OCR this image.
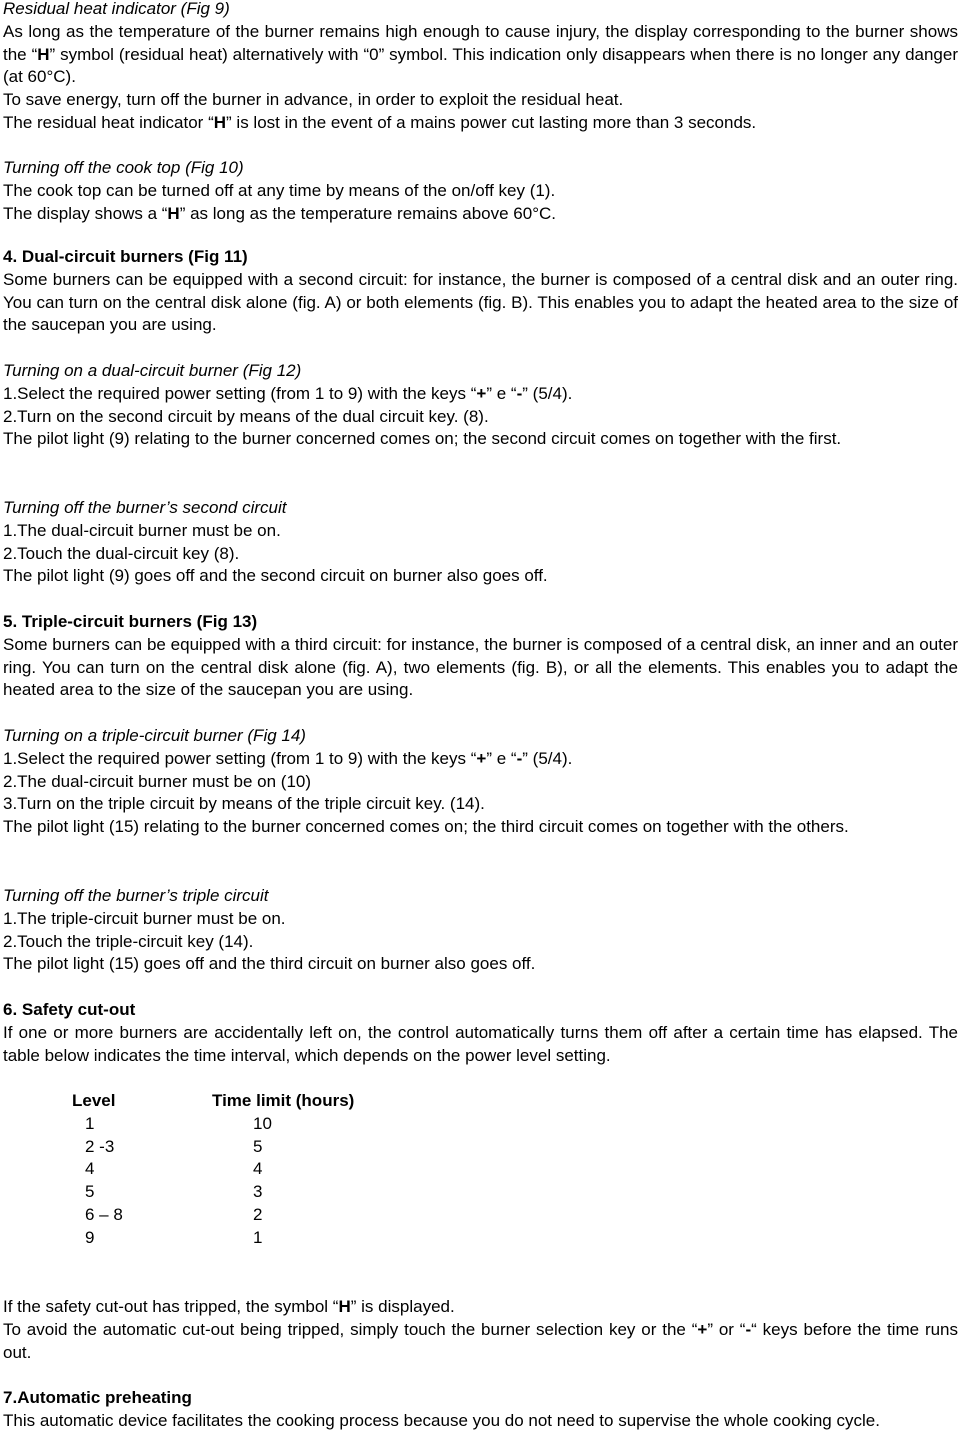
Residual heat indicator (Fig 9)

As long as the temperature of the burner remains high enough to cause injury, the display corresponding to the burner shows the “H” symbol (residual heat) alternatively with “0” symbol. This indication only disappears when there is no longer any danger (at 60°C).

To save energy, turn off the burner in advance, in order to exploit the residual heat.

The residual heat indicator “H” is lost in the event of a mains power cut lasting more than 3 seconds.

Turning off the cook top (Fig 10)

The cook top can be turned off at any time by means of the on/off key (1).

The display shows a “H” as long as the temperature remains above 60°C.

4. Dual-circuit burners (Fig 11)

Some burners can be equipped with a second circuit: for instance, the burner is composed of a central disk and an outer ring. You can turn on the central disk alone (fig. A) or both elements (fig. B). This enables you to adapt the heated area to the size of the saucepan you are using.

Turning on a dual-circuit burner (Fig 12)

1.Select the required power setting (from 1 to 9) with the keys “+” e “-” (5/4).

2.Turn on the second circuit by means of the dual circuit key. (8).

The pilot light (9) relating to the burner concerned comes on; the second circuit comes on together with the first.

Turning off the burner’s second circuit

1.The dual-circuit burner must be on.

2.Touch the dual-circuit key (8).

The pilot light (9) goes off and the second circuit on burner also goes off.

5. Triple-circuit burners (Fig 13)

Some burners can be equipped with a third circuit: for instance, the burner is composed of a central disk, an inner and an outer ring. You can turn on the central disk alone (fig. A), two elements (fig. B), or all the elements. This enables you to adapt the heated area to the size of the saucepan you are using.

Turning on a triple-circuit burner (Fig 14)

1.Select the required power setting (from 1 to 9) with the keys “+” e “-” (5/4).

2.The dual-circuit burner must be on (10)

3.Turn on the triple circuit by means of the triple circuit key. (14).

The pilot light (15) relating to the burner concerned comes on; the third circuit comes on together with the others.

Turning off the burner’s triple circuit

1.The triple-circuit burner must be on.

2.Touch the triple-circuit key (14).

The pilot light (15) goes off and the third circuit on burner also goes off.

6. Safety cut-out

If one or more burners are accidentally left on, the control automatically turns them off after a certain time has elapsed. The table below indicates the time interval, which depends on the power level setting.

Level	Time limit (hours)
1	10
2 -3	5
4	4
5	3
6 – 8	2
9	1

If the safety cut-out has tripped, the symbol “H” is displayed.

To avoid the automatic cut-out being tripped, simply touch the burner selection key or the “+” or “-“ keys before the time runs out.

7.Automatic preheating

This automatic device facilitates the cooking process because you do not need to supervise the whole cooking cycle.
